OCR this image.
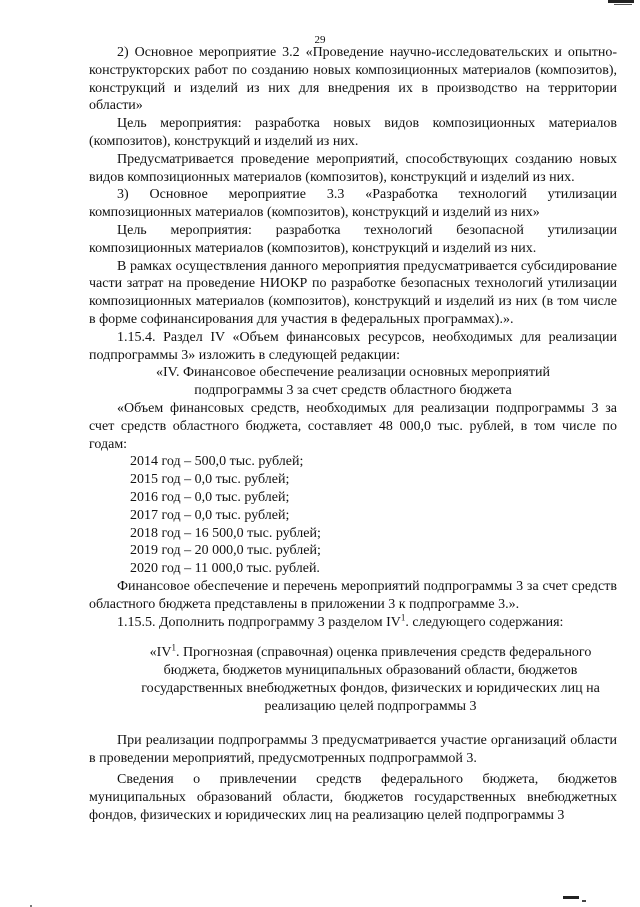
29

2) Основное мероприятие 3.2 «Проведение научно-исследовательских и опытно-конструкторских работ по созданию новых композиционных материалов (композитов), конструкций и изделий из них для внедрения их в производство на территории области»

Цель мероприятия: разработка новых видов композиционных материалов (композитов), конструкций и изделий из них.

Предусматривается проведение мероприятий, способствующих созданию новых видов композиционных материалов (композитов), конструкций и изделий из них.

3) Основное мероприятие 3.3 «Разработка технологий утилизации композиционных материалов (композитов), конструкций и изделий из них»

Цель мероприятия: разработка технологий безопасной утилизации композиционных материалов (композитов), конструкций и изделий из них.

В рамках осуществления данного мероприятия предусматривается субсидирование части затрат на проведение НИОКР по разработке безопасных технологий утилизации композиционных материалов (композитов), конструкций и изделий из них (в том числе в форме софинансирования для участия в федеральных программах).».

1.15.4. Раздел IV «Объем финансовых ресурсов, необходимых для реализации подпрограммы 3» изложить в следующей редакции:

«IV. Финансовое обеспечение реализации основных мероприятий

подпрограммы 3 за счет средств областного бюджета

«Объем финансовых средств, необходимых для реализации подпрограммы 3 за счет средств областного бюджета, составляет 48 000,0 тыс. рублей, в том числе по годам:

2014 год – 500,0 тыс. рублей;

2015 год – 0,0 тыс. рублей;

2016 год – 0,0 тыс. рублей;

2017 год – 0,0 тыс. рублей;

2018 год – 16 500,0 тыс. рублей;

2019 год – 20 000,0 тыс. рублей;

2020 год – 11 000,0 тыс. рублей.

Финансовое обеспечение и перечень мероприятий подпрограммы 3 за счет средств областного бюджета представлены в приложении 3 к подпрограмме 3.».

1.15.5. Дополнить подпрограмму 3 разделом $IV^1$. следующего содержания:

«$IV^1$. Прогнозная (справочная) оценка привлечения средств федерального бюджета, бюджетов муниципальных образований области, бюджетов государственных внебюджетных фондов, физических и юридических лиц на реализацию целей подпрограммы 3

При реализации подпрограммы 3 предусматривается участие организаций области в проведении мероприятий, предусмотренных подпрограммой 3.

Сведения о привлечении средств федерального бюджета, бюджетов муниципальных образований области, бюджетов государственных внебюджетных фондов, физических и юридических лиц на реализацию целей подпрограммы 3
